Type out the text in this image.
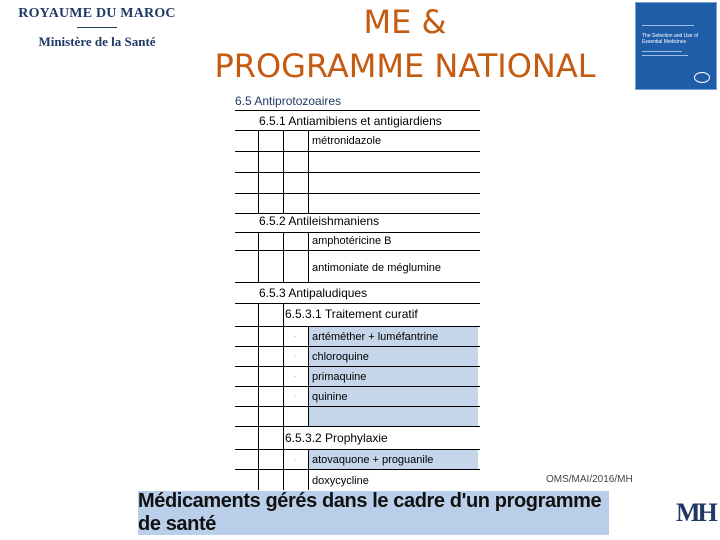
ROYAUME DU MAROC
Ministère de la Santé
ME &
PROGRAMME NATIONAL
The Selection and Use of Essential Medicines
6.5 Antiprotozoaires
6.5.1 Antiamibiens et antigiardiens
métronidazole
6.5.2 Antileishmaniens
amphotéricine B
antimoniate de méglumine
6.5.3 Antipaludiques
6.5.3.1 Traitement curatif
· artéméther + luméfantrine
· chloroquine
· primaquine
· quinine
6.5.3.2 Prophylaxie
· atovaquone + proguanile
doxycycline	OMS/MAI/2016/MH
Médicaments gérés dans le cadre d'un programme de santé	MH
